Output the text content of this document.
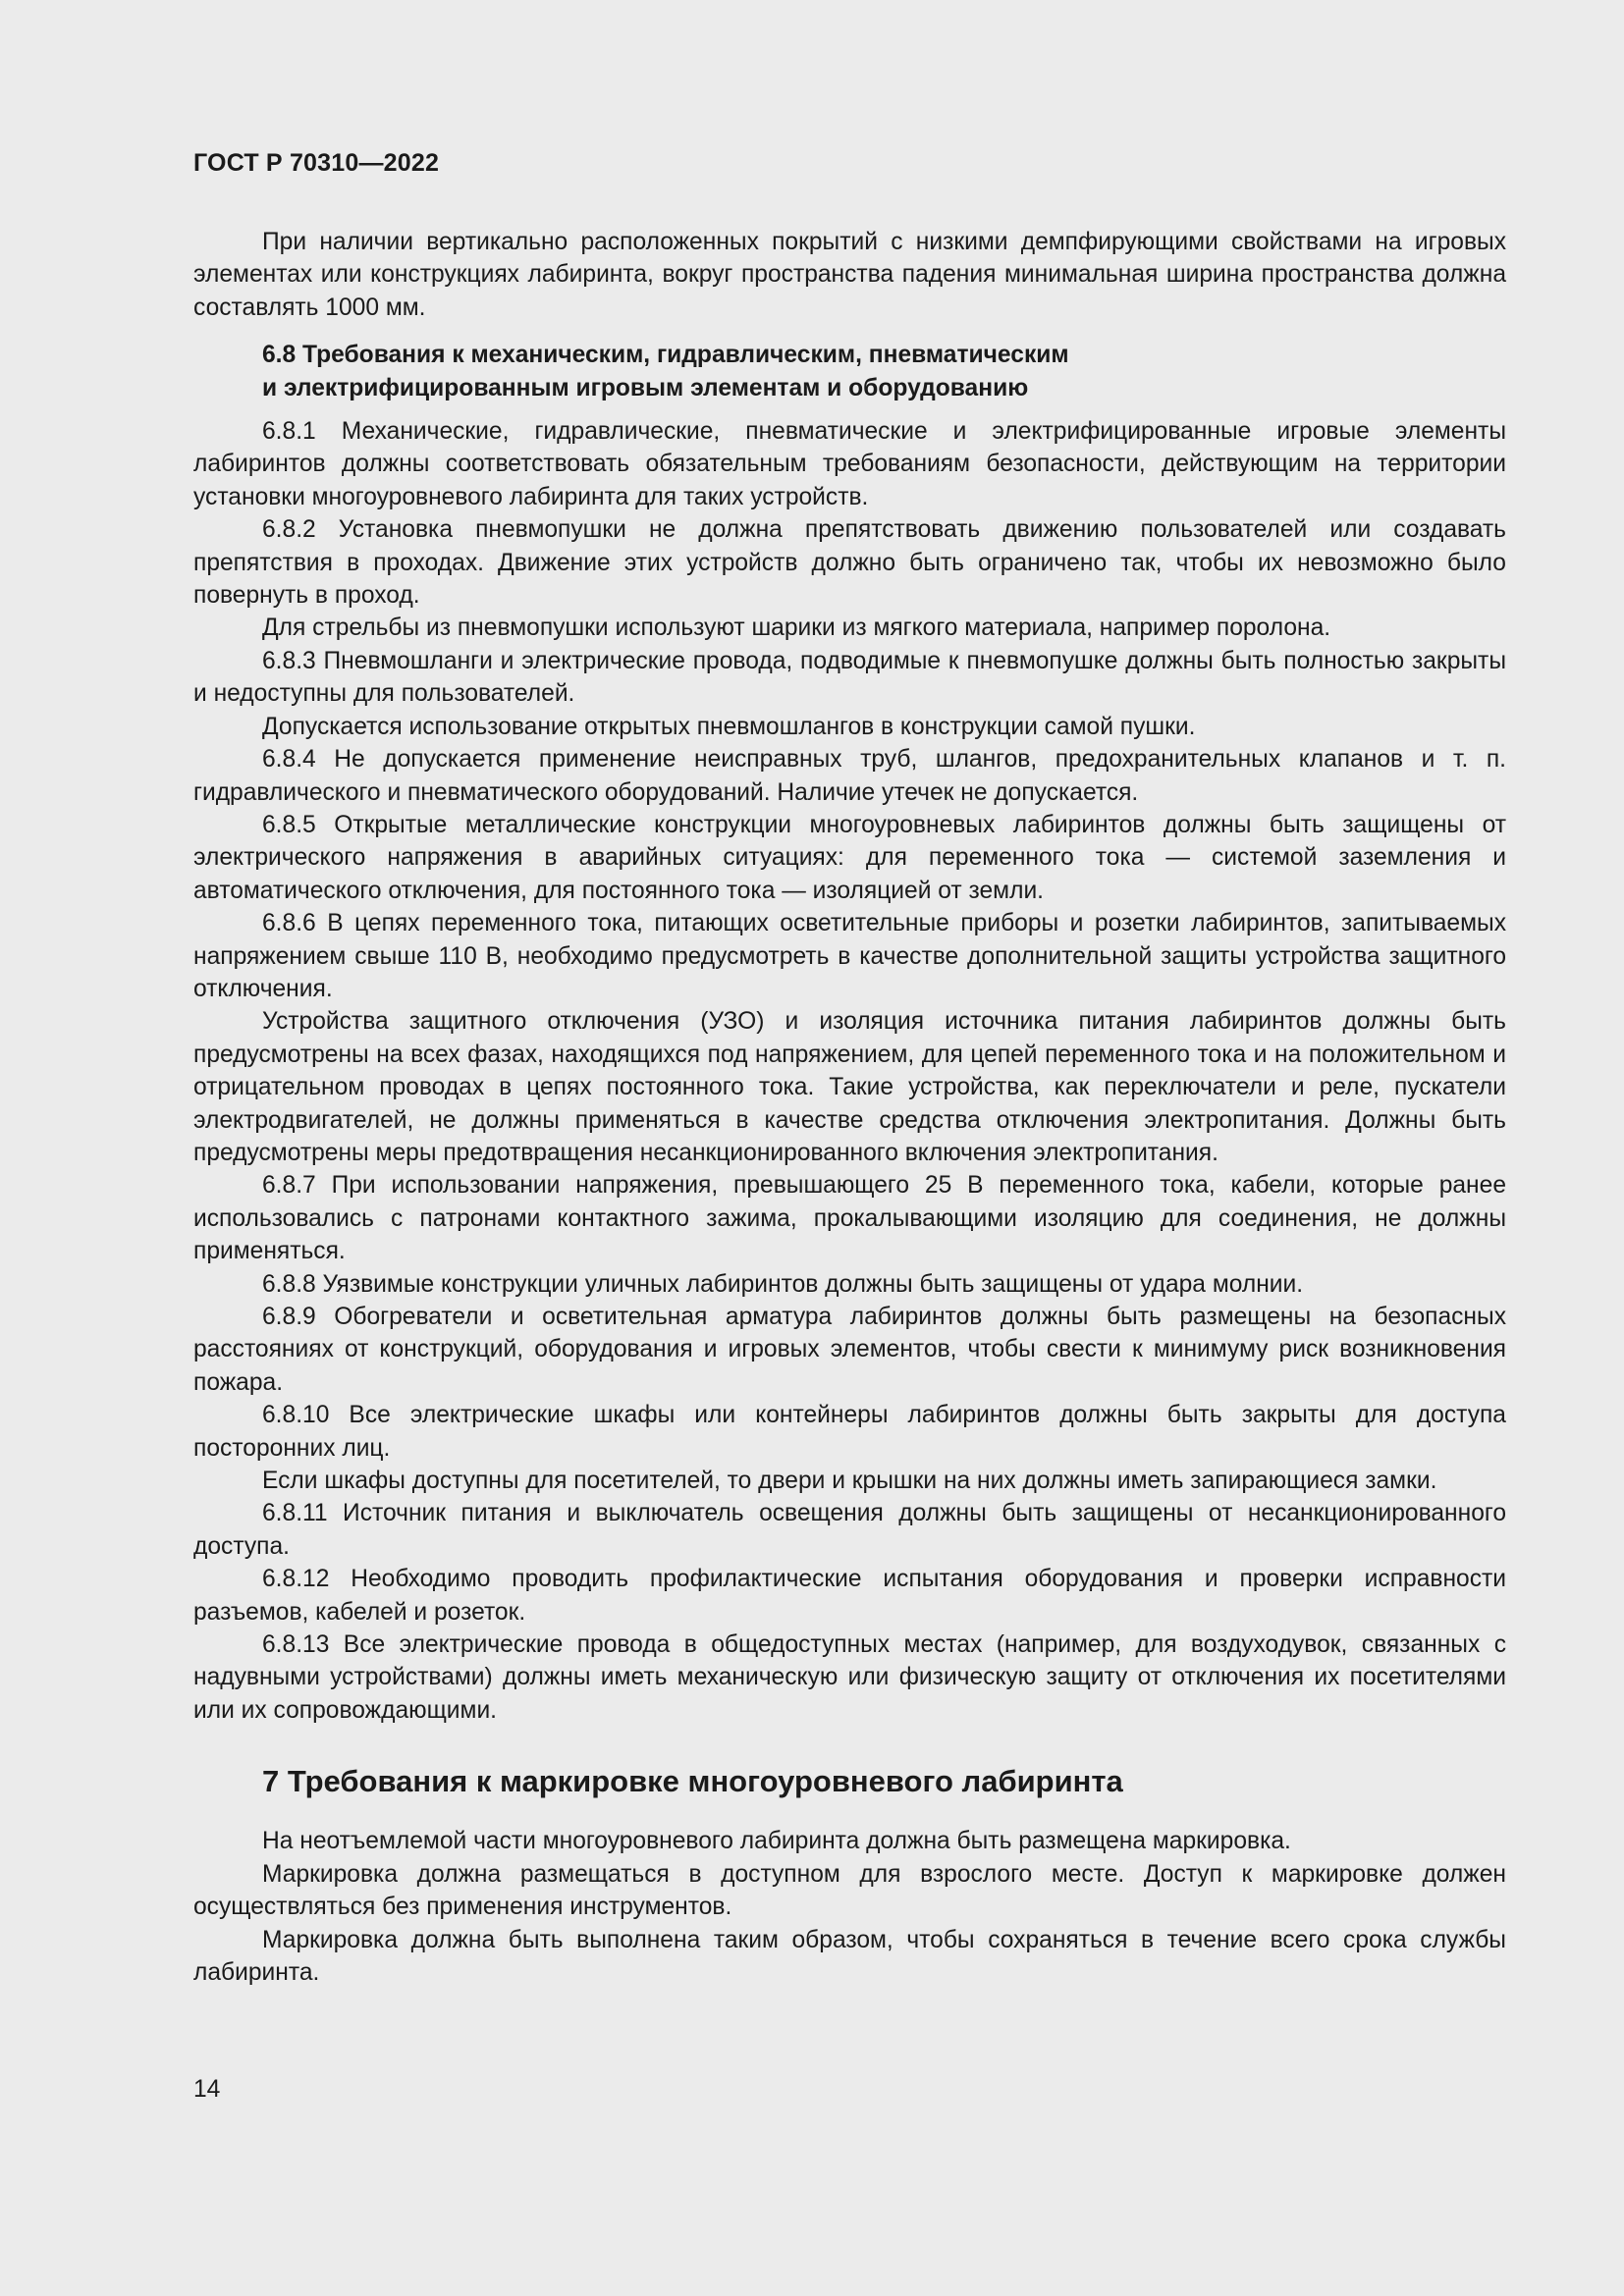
ГОСТ Р 70310—2022

При наличии вертикально расположенных покрытий с низкими демпфирующими свойствами на игровых элементах или конструкциях лабиринта, вокруг пространства падения минимальная ширина пространства должна составлять 1000 мм.

6.8 Требования к механическим, гидравлическим, пневматическим
и электрифицированным игровым элементам и оборудованию

6.8.1 Механические, гидравлические, пневматические и электрифицированные игровые элементы лабиринтов должны соответствовать обязательным требованиям безопасности, действующим на территории установки многоуровневого лабиринта для таких устройств.

6.8.2 Установка пневмопушки не должна препятствовать движению пользователей или создавать препятствия в проходах. Движение этих устройств должно быть ограничено так, чтобы их невозможно было повернуть в проход.

Для стрельбы из пневмопушки используют шарики из мягкого материала, например поролона.

6.8.3 Пневмошланги и электрические провода, подводимые к пневмопушке должны быть полностью закрыты и недоступны для пользователей.

Допускается использование открытых пневмошлангов в конструкции самой пушки.

6.8.4 Не допускается применение неисправных труб, шлангов, предохранительных клапанов и т. п. гидравлического и пневматического оборудований. Наличие утечек не допускается.

6.8.5 Открытые металлические конструкции многоуровневых лабиринтов должны быть защищены от электрического напряжения в аварийных ситуациях: для переменного тока — системой заземления и автоматического отключения, для постоянного тока — изоляцией от земли.

6.8.6 В цепях переменного тока, питающих осветительные приборы и розетки лабиринтов, запитываемых напряжением свыше 110 В, необходимо предусмотреть в качестве дополнительной защиты устройства защитного отключения.

Устройства защитного отключения (УЗО) и изоляция источника питания лабиринтов должны быть предусмотрены на всех фазах, находящихся под напряжением, для цепей переменного тока и на положительном и отрицательном проводах в цепях постоянного тока. Такие устройства, как переключатели и реле, пускатели электродвигателей, не должны применяться в качестве средства отключения электропитания. Должны быть предусмотрены меры предотвращения несанкционированного включения электропитания.

6.8.7 При использовании напряжения, превышающего 25 В переменного тока, кабели, которые ранее использовались с патронами контактного зажима, прокалывающими изоляцию для соединения, не должны применяться.

6.8.8 Уязвимые конструкции уличных лабиринтов должны быть защищены от удара молнии.

6.8.9 Обогреватели и осветительная арматура лабиринтов должны быть размещены на безопасных расстояниях от конструкций, оборудования и игровых элементов, чтобы свести к минимуму риск возникновения пожара.

6.8.10 Все электрические шкафы или контейнеры лабиринтов должны быть закрыты для доступа посторонних лиц.

Если шкафы доступны для посетителей, то двери и крышки на них должны иметь запирающиеся замки.

6.8.11 Источник питания и выключатель освещения должны быть защищены от несанкционированного доступа.

6.8.12 Необходимо проводить профилактические испытания оборудования и проверки исправности разъемов, кабелей и розеток.

6.8.13 Все электрические провода в общедоступных местах (например, для воздуходувок, связанных с надувными устройствами) должны иметь механическую или физическую защиту от отключения их посетителями или их сопровождающими.

7 Требования к маркировке многоуровневого лабиринта

На неотъемлемой части многоуровневого лабиринта должна быть размещена маркировка.

Маркировка должна размещаться в доступном для взрослого месте. Доступ к маркировке должен осуществляться без применения инструментов.

Маркировка должна быть выполнена таким образом, чтобы сохраняться в течение всего срока службы лабиринта.

14
